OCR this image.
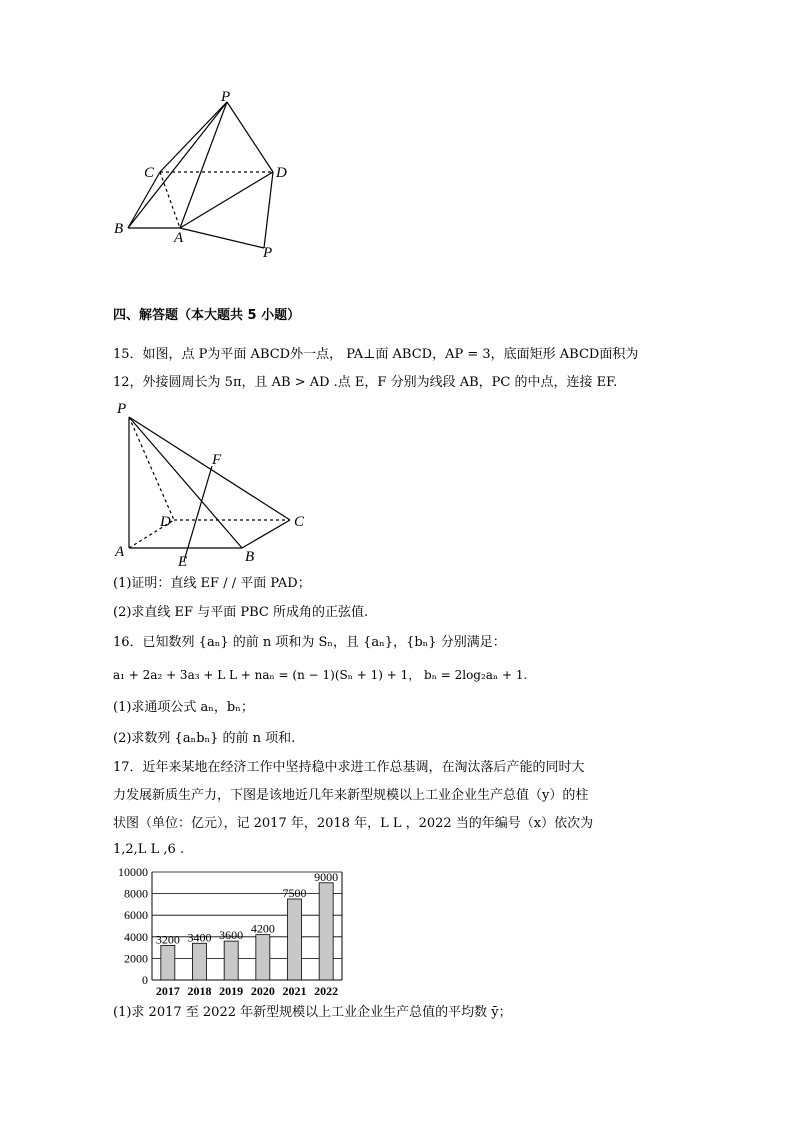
P
C	D
B
A
P
四、解答题（本大题共 5 小题）
15．如图，点 P为平面 ABCD外一点， PA⊥面 ABCD，AP = 3，底面矩形 ABCD面积为
12，外接圆周长为 5π，且 AB > AD .点 E，F 分别为线段 AB，PC 的中点，连接 EF.
P
F
D	C
A
E	B
(1)证明：直线 EF / / 平面 PAD；
(2)求直线 EF 与平面 PBC 所成角的正弦值.
16．已知数列 {aₙ} 的前 n 项和为 Sₙ，且 {aₙ}，{bₙ} 分别满足：
a₁ + 2a₂ + 3a₃ + L L + naₙ = (n − 1)(Sₙ + 1) + 1， bₙ = 2log₂aₙ + 1.
(1)求通项公式 aₙ，bₙ；
(2)求数列 {aₙbₙ} 的前 n 项和.
17．近年来某地在经济工作中坚持稳中求进工作总基调，在淘汰落后产能的同时大
力发展新质生产力，下图是该地近几年来新型规模以上工业企业生产总值（y）的柱
状图（单位：亿元），记 2017 年，2018 年，L L ，2022 当的年编号（x）依次为
1,2,L L ,6 .
0
2000
4000
6000
8000
10000
3200
2017
3400
2018
3600
2019
4200
2020
7500
2021
9000
2022
(1)求 2017 至 2022 年新型规模以上工业企业生产总值的平均数 ȳ；
